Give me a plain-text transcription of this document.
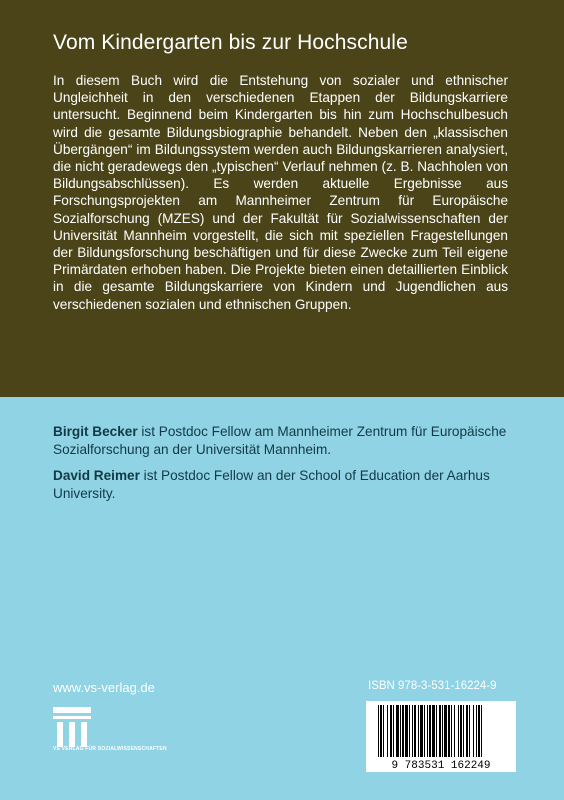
Vom Kindergarten bis zur Hochschule

In diesem Buch wird die Entstehung von sozialer und ethnischer Ungleichheit in den verschiedenen Etappen der Bildungskarriere untersucht. Beginnend beim Kindergarten bis hin zum Hochschulbesuch wird die gesamte Bildungsbiographie behandelt. Neben den „klassischen Übergängen“ im Bildungssystem werden auch Bildungskarrieren analysiert, die nicht geradewegs den „typischen“ Verlauf nehmen (z. B. Nachholen von Bildungsabschlüssen). Es werden aktuelle Ergebnisse aus Forschungsprojekten am Mannheimer Zentrum für Europäische Sozialforschung (MZES) und der Fakultät für Sozialwissenschaften der Universität Mannheim vorgestellt, die sich mit speziellen Fragestellungen der Bildungsforschung beschäftigen und für diese Zwecke zum Teil eigene Primärdaten erhoben haben. Die Projekte bieten einen detaillierten Einblick in die gesamte Bildungskarriere von Kindern und Jugendlichen aus verschiedenen sozialen und ethnischen Gruppen.

Birgit Becker ist Postdoc Fellow am Mannheimer Zentrum für Europäische Sozialforschung an der Universität Mannheim.

David Reimer ist Postdoc Fellow an der School of Education der Aarhus University.

www.vs-verlag.de
VS VERLAG FÜR SOZIALWISSENSCHAFTEN
ISBN 978-3-531-16224-9
9 783531 162249
